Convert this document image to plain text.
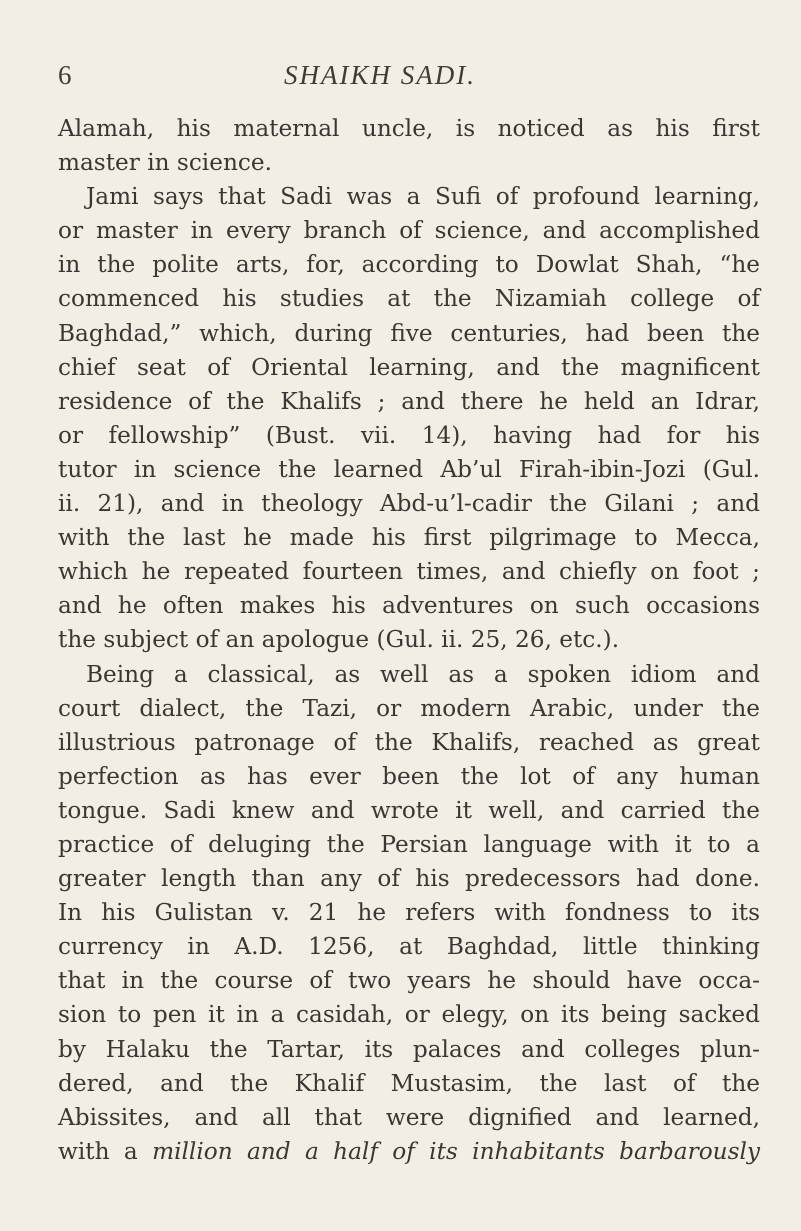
6	SHAIKH SADI.
Alamah, his maternal uncle, is noticed as his first
master in science.
Jami says that Sadi was a Sufi of profound learning,
or master in every branch of science, and accomplished
in the polite arts, for, according to Dowlat Shah, “he
commenced his studies at the Nizamiah college of
Baghdad,” which, during five centuries, had been the
chief seat of Oriental learning, and the magnificent
residence of the Khalifs ; and there he held an Idrar,
or fellowship” (Bust. vii. 14), having had for his
tutor in science the learned Ab’ul Firah-ibin-Jozi (Gul.
ii. 21), and in theology Abd-u’l-cadir the Gilani ; and
with the last he made his first pilgrimage to Mecca,
which he repeated fourteen times, and chiefly on foot ;
and he often makes his adventures on such occasions
the subject of an apologue (Gul. ii. 25, 26, etc.).
Being a classical, as well as a spoken idiom and
court dialect, the Tazi, or modern Arabic, under the
illustrious patronage of the Khalifs, reached as great
perfection as has ever been the lot of any human
tongue. Sadi knew and wrote it well, and carried the
practice of deluging the Persian language with it to a
greater length than any of his predecessors had done.
In his Gulistan v. 21 he refers with fondness to its
currency in A.D. 1256, at Baghdad, little thinking
that in the course of two years he should have occa-
sion to pen it in a casidah, or elegy, on its being sacked
by Halaku the Tartar, its palaces and colleges plun-
dered, and the Khalif Mustasim, the last of the
Abissites, and all that were dignified and learned,
with a million and a half of its inhabitants barbarously
